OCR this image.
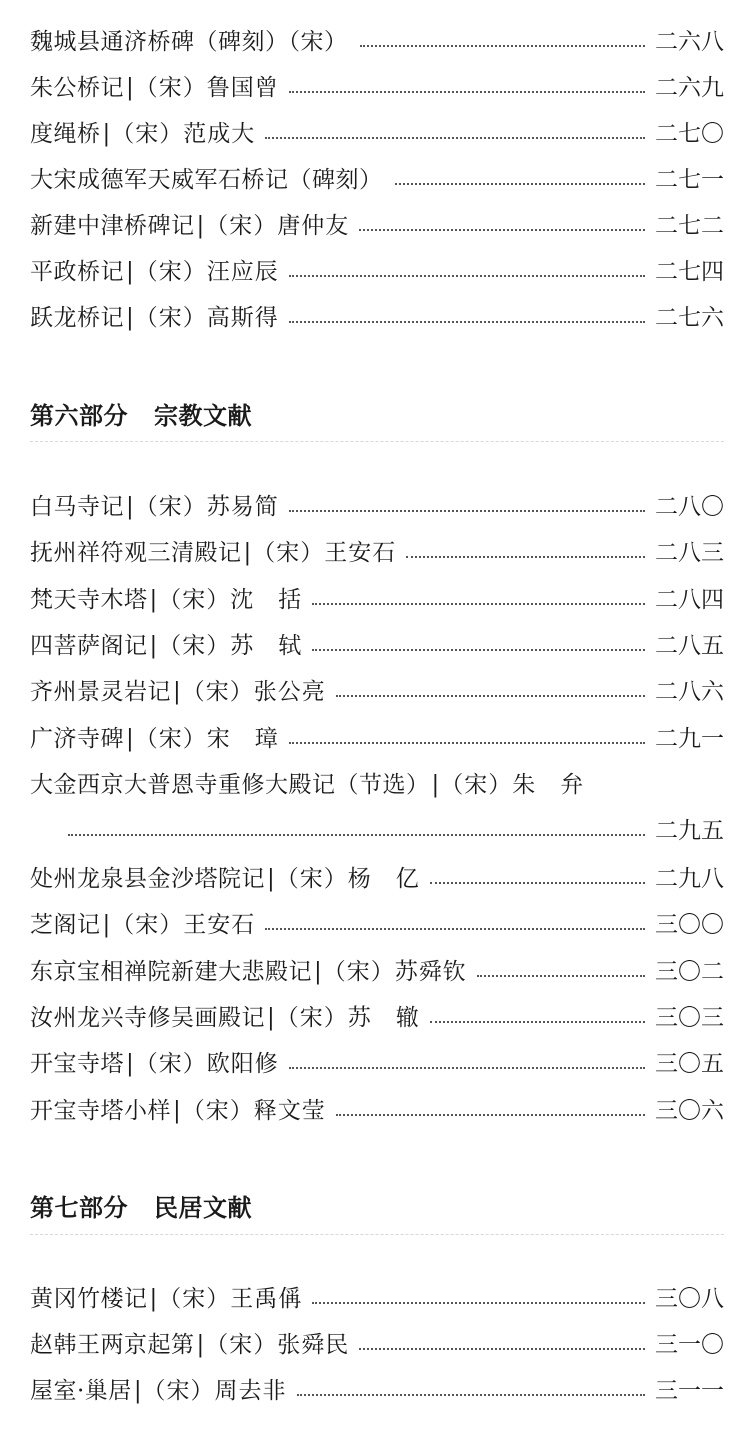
魏城县通济桥碑（碑刻）（宋）	二六八
朱公桥记 |（宋）鲁国曾	二六九
度绳桥 |（宋）范成大	二七〇
大宋成德军天威军石桥记（碑刻）	二七一
新建中津桥碑记 |（宋）唐仲友	二七二
平政桥记 |（宋）汪应辰	二七四
跃龙桥记 |（宋）高斯得	二七六
第六部分 宗教文献
白马寺记 |（宋）苏易简	二八〇
抚州祥符观三清殿记 |（宋）王安石	二八三
梵天寺木塔 |（宋）沈　括	二八四
四菩萨阁记 |（宋）苏　轼	二八五
齐州景灵岩记 |（宋）张公亮	二八六
广济寺碑 |（宋）宋　璋	二九一
大金西京大普恩寺重修大殿记（节选） |（宋）朱　弁
二九五
处州龙泉县金沙塔院记 |（宋）杨　亿	二九八
芝阁记 |（宋）王安石	三〇〇
东京宝相禅院新建大悲殿记 |（宋）苏舜钦	三〇二
汝州龙兴寺修吴画殿记 |（宋）苏　辙	三〇三
开宝寺塔 |（宋）欧阳修	三〇五
开宝寺塔小样 |（宋）释文莹	三〇六
第七部分 民居文献
黄冈竹楼记 |（宋）王禹偁	三〇八
赵韩王两京起第 |（宋）张舜民	三一〇
屋室·巢居 |（宋）周去非	三一一
